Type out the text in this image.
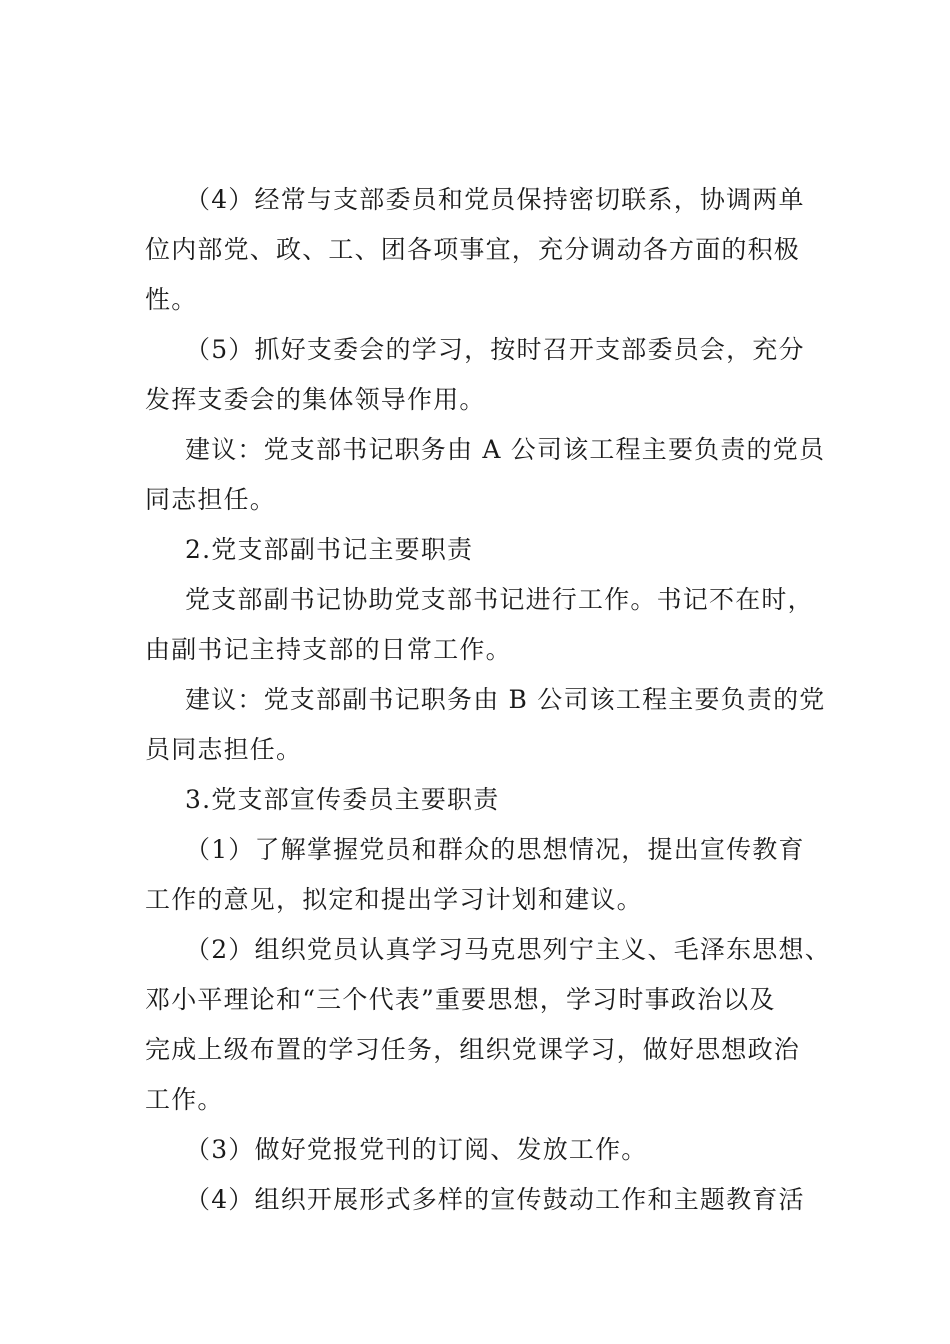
（4）经常与支部委员和党员保持密切联系，协调两单
位内部党、政、工、团各项事宜，充分调动各方面的积极
性。
（5）抓好支委会的学习，按时召开支部委员会，充分
发挥支委会的集体领导作用。
建议：党支部书记职务由 A 公司该工程主要负责的党员
同志担任。
2.党支部副书记主要职责
党支部副书记协助党支部书记进行工作。书记不在时，
由副书记主持支部的日常工作。
建议：党支部副书记职务由 B 公司该工程主要负责的党
员同志担任。
3.党支部宣传委员主要职责
（1）了解掌握党员和群众的思想情况，提出宣传教育
工作的意见，拟定和提出学习计划和建议。
（2）组织党员认真学习马克思列宁主义、毛泽东思想、
邓小平理论和“三个代表”重要思想，学习时事政治以及
完成上级布置的学习任务，组织党课学习，做好思想政治
工作。
（3）做好党报党刊的订阅、发放工作。
（4）组织开展形式多样的宣传鼓动工作和主题教育活
